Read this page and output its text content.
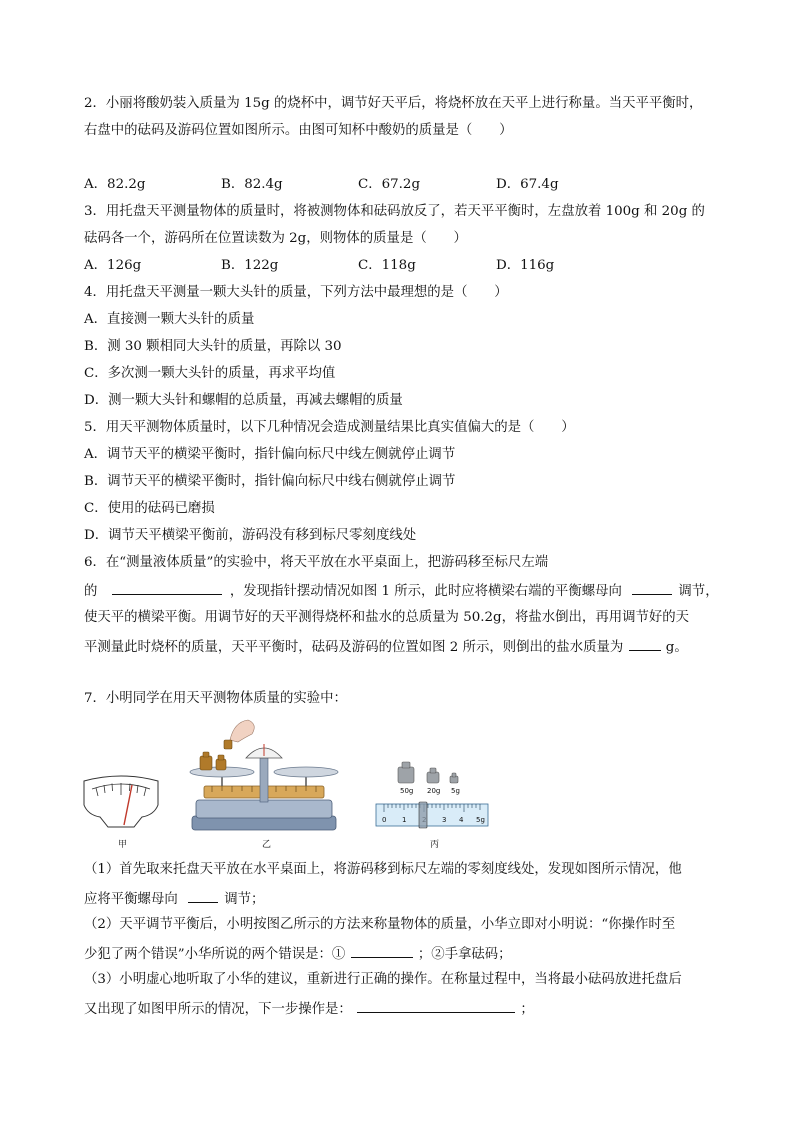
2．小丽将酸奶装入质量为 15g 的烧杯中，调节好天平后，将烧杯放在天平上进行称量。当天平平衡时，
右盘中的砝码及游码位置如图所示。由图可知杯中酸奶的质量是（　　）
A．82.2g	B．82.4g	C．67.2g	D．67.4g
3．用托盘天平测量物体的质量时，将被测物体和砝码放反了，若天平平衡时，左盘放着 100g 和 20g 的
砝码各一个，游码所在位置读数为 2g，则物体的质量是（　　）
A．126g	B．122g	C．118g	D．116g
4．用托盘天平测量一颗大头针的质量，下列方法中最理想的是（　　）
A．直接测一颗大头针的质量
B．测 30 颗相同大头针的质量，再除以 30
C．多次测一颗大头针的质量，再求平均值
D．测一颗大头针和螺帽的总质量，再减去螺帽的质量
5．用天平测物体质量时，以下几种情况会造成测量结果比真实值偏大的是（　　）
A．调节天平的横梁平衡时，指针偏向标尺中线左侧就停止调节
B．调节天平的横梁平衡时，指针偏向标尺中线右侧就停止调节
C．使用的砝码已磨损
D．调节天平横梁平衡前，游码没有移到标尺零刻度线处
6．在“测量液体质量”的实验中，将天平放在水平桌面上，把游码移至标尺左端
的	，发现指针摆动情况如图 1 所示，此时应将横梁右端的平衡螺母向	调节，
使天平的横梁平衡。用调节好的天平测得烧杯和盐水的总质量为 50.2g，将盐水倒出，再用调节好的天
平测量此时烧杯的质量，天平平衡时，砝码及游码的位置如图 2 所示，则倒出的盐水质量为	g。
7．小明同学在用天平测物体质量的实验中：
甲	乙
50g 20g 5g
0 1	3 4 5g
丙
（1）首先取来托盘天平放在水平桌面上，将游码移到标尺左端的零刻度线处，发现如图所示情况，他
应将平衡螺母向	调节；
（2）天平调节平衡后，小明按图乙所示的方法来称量物体的质量，小华立即对小明说：“你操作时至
少犯了两个错误”小华所说的两个错误是：①	；②手拿砝码；
（3）小明虚心地听取了小华的建议，重新进行正确的操作。在称量过程中，当将最小砝码放进托盘后
又出现了如图甲所示的情况，下一步操作是：	；
